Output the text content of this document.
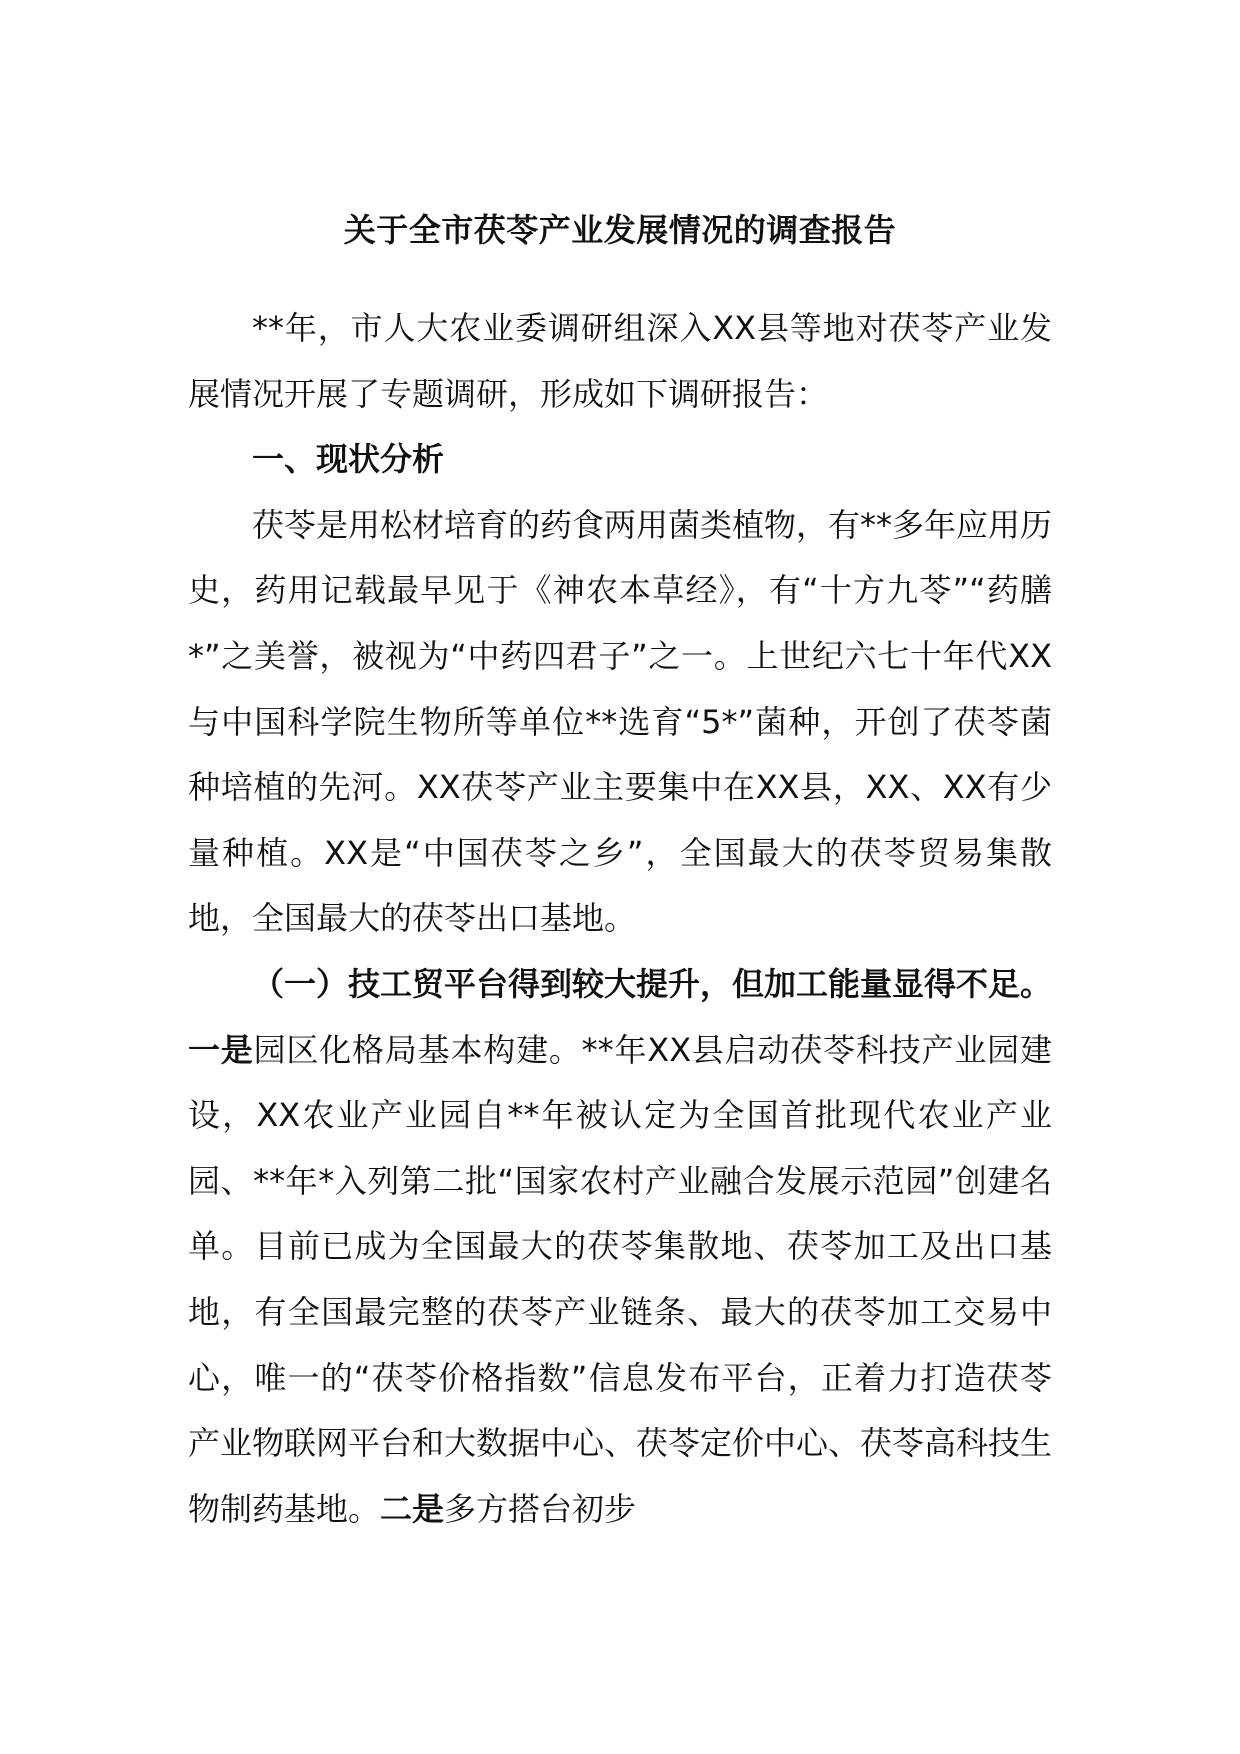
关于全市茯苓产业发展情况的调查报告

**年，市人大农业委调研组深入XX县等地对茯苓产业发展情况开展了专题调研，形成如下调研报告：

一、现状分析

茯苓是用松材培育的药食两用菌类植物，有**多年应用历史，药用记载最早见于《神农本草经》，有“十方九苓”“药膳*”之美誉，被视为“中药四君子”之一。上世纪六七十年代XX与中国科学院生物所等单位**选育“5*”菌种，开创了茯苓菌种培植的先河。XX茯苓产业主要集中在XX县，XX、XX有少量种植。XX是“中国茯苓之乡”，全国最大的茯苓贸易集散地，全国最大的茯苓出口基地。

（一）技工贸平台得到较大提升，但加工能量显得不足。一是园区化格局基本构建。**年XX县启动茯苓科技产业园建设，XX农业产业园自**年被认定为全国首批现代农业产业园、**年*入列第二批“国家农村产业融合发展示范园”创建名单。目前已成为全国最大的茯苓集散地、茯苓加工及出口基地，有全国最完整的茯苓产业链条、最大的茯苓加工交易中心，唯一的“茯苓价格指数”信息发布平台，正着力打造茯苓产业物联网平台和大数据中心、茯苓定价中心、茯苓高科技生物制药基地。二是多方搭台初步
